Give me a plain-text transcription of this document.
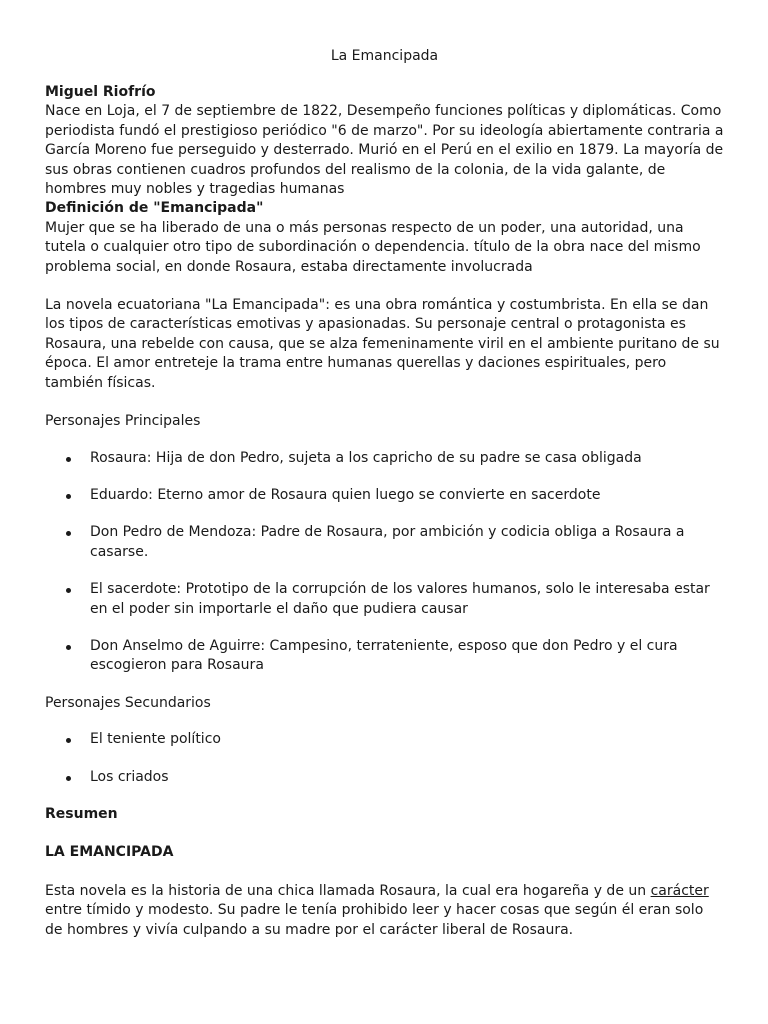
La Emancipada

Miguel Riofrío

Nace en Loja, el 7 de septiembre de 1822, Desempeño funciones políticas y diplomáticas. Como periodista fundó el prestigioso periódico "6 de marzo". Por su ideología abiertamente contraria a García Moreno fue perseguido y desterrado. Murió en el Perú en el exilio en 1879. La mayoría de sus obras contienen cuadros profundos del realismo de la colonia, de la vida galante, de hombres muy nobles y tragedias humanas

Definición de "Emancipada"

Mujer que se ha liberado de una o más personas respecto de un poder, una autoridad, una tutela o cualquier otro tipo de subordinación o dependencia. título de la obra nace del mismo problema social, en donde Rosaura, estaba directamente involucrada

La novela ecuatoriana "La Emancipada": es una obra romántica y costumbrista. En ella se dan los tipos de características emotivas y apasionadas. Su personaje central o protagonista es Rosaura, una rebelde con causa, que se alza femeninamente viril en el ambiente puritano de su época. El amor entreteje la trama entre humanas querellas y daciones espirituales, pero también físicas.

Personajes Principales

Rosaura: Hija de don Pedro, sujeta a los capricho de su padre se casa obligada
Eduardo: Eterno amor de Rosaura quien luego se convierte en sacerdote
Don Pedro de Mendoza: Padre de Rosaura, por ambición y codicia obliga a Rosaura a casarse.
El sacerdote: Prototipo de la corrupción de los valores humanos, solo le interesaba estar en el poder sin importarle el daño que pudiera causar
Don Anselmo de Aguirre: Campesino, terrateniente, esposo que don Pedro y el cura escogieron para Rosaura

Personajes Secundarios

El teniente político
Los criados

Resumen

LA EMANCIPADA

Esta novela es la historia de una chica llamada Rosaura, la cual era hogareña y de un carácter entre tímido y modesto. Su padre le tenía prohibido leer y hacer cosas que según él eran solo de hombres y vivía culpando a su madre por el carácter liberal de Rosaura.
